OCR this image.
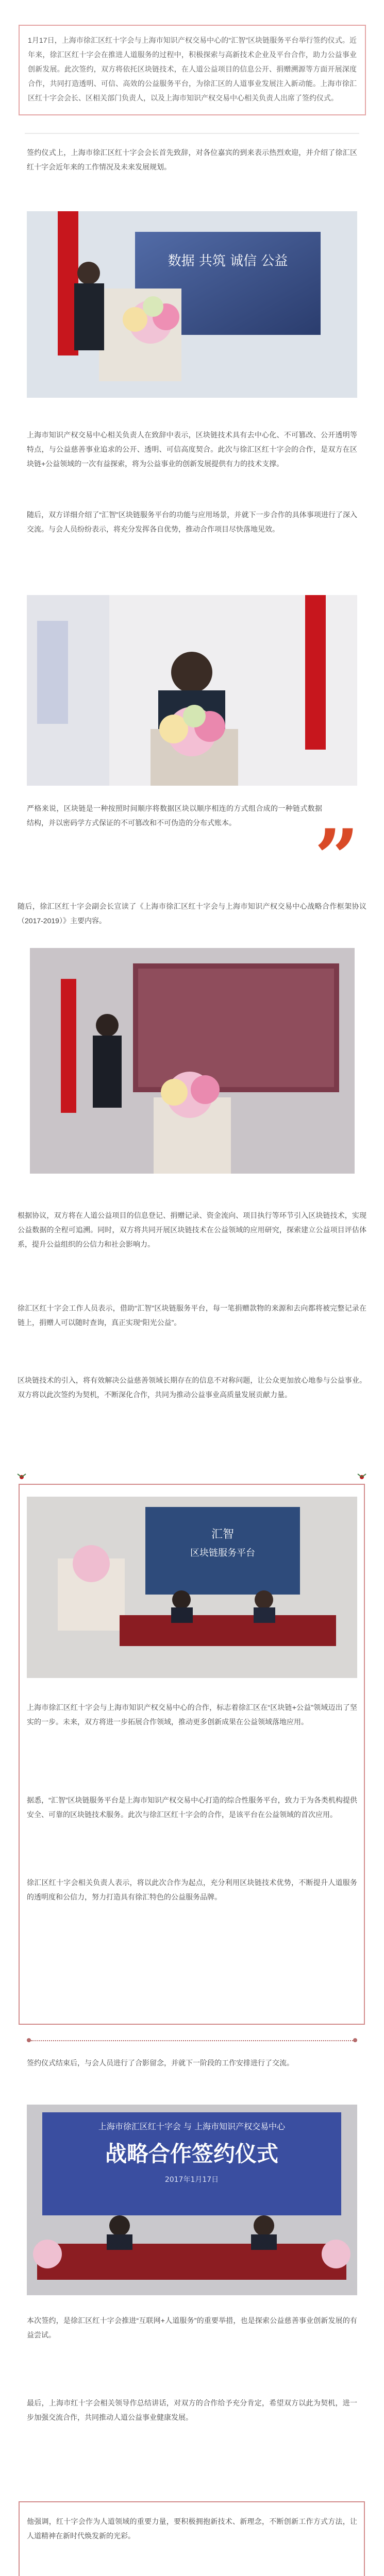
1月17日，上海市徐汇区红十字会与上海市知识产权交易中心的“汇智”区块链服务平台举行签约仪式。近年来，徐汇区红十字会在推进人道服务的过程中，积极探索与高新技术企业及平台合作，助力公益事业创新发展。此次签约，双方将依托区块链技术，在人道公益项目的信息公开、捐赠溯源等方面开展深度合作，共同打造透明、可信、高效的公益服务平台，为徐汇区的人道事业发展注入新动能。上海市徐汇区红十字会会长、区相关部门负责人，以及上海市知识产权交易中心相关负责人出席了签约仪式。

签约仪式上，上海市徐汇区红十字会会长首先致辞，对各位嘉宾的到来表示热烈欢迎，并介绍了徐汇区红十字会近年来的工作情况及未来发展规划。

数据 共筑 诚信 公益

上海市知识产权交易中心相关负责人在致辞中表示，区块链技术具有去中心化、不可篡改、公开透明等特点，与公益慈善事业追求的公开、透明、可信高度契合。此次与徐汇区红十字会的合作，是双方在区块链+公益领域的一次有益探索，将为公益事业的创新发展提供有力的技术支撑。

随后，双方详细介绍了“汇智”区块链服务平台的功能与应用场景，并就下一步合作的具体事项进行了深入交流。与会人员纷纷表示，将充分发挥各自优势，推动合作项目尽快落地见效。

严格来说，区块链是一种按照时间顺序将数据区块以顺序相连的方式组合成的一种链式数据结构，并以密码学方式保证的不可篡改和不可伪造的分布式账本。	”

随后，徐汇区红十字会副会长宣读了《上海市徐汇区红十字会与上海市知识产权交易中心战略合作框架协议（2017-2019）》主要内容。

根据协议，双方将在人道公益项目的信息登记、捐赠记录、资金流向、项目执行等环节引入区块链技术，实现公益数据的全程可追溯。同时，双方将共同开展区块链技术在公益领域的应用研究，探索建立公益项目评估体系，提升公益组织的公信力和社会影响力。

徐汇区红十字会工作人员表示，借助“汇智”区块链服务平台，每一笔捐赠款物的来源和去向都将被完整记录在链上，捐赠人可以随时查询，真正实现“阳光公益”。

区块链技术的引入，将有效解决公益慈善领域长期存在的信息不对称问题，让公众更加放心地参与公益事业。双方将以此次签约为契机，不断深化合作，共同为推动公益事业高质量发展贡献力量。

汇智
区块链服务平台

上海市徐汇区红十字会与上海市知识产权交易中心的合作，标志着徐汇区在“区块链+公益”领域迈出了坚实的一步。未来，双方将进一步拓展合作领域，推动更多创新成果在公益领域落地应用。

据悉，“汇智”区块链服务平台是上海市知识产权交易中心打造的综合性服务平台，致力于为各类机构提供安全、可靠的区块链技术服务。此次与徐汇区红十字会的合作，是该平台在公益领域的首次应用。

徐汇区红十字会相关负责人表示，将以此次合作为起点，充分利用区块链技术优势，不断提升人道服务的透明度和公信力，努力打造具有徐汇特色的公益服务品牌。

签约仪式结束后，与会人员进行了合影留念，并就下一阶段的工作安排进行了交流。

上海市徐汇区红十字会 与 上海市知识产权交易中心
战略合作签约仪式
2017年1月17日

本次签约，是徐汇区红十字会推进“互联网+人道服务”的重要举措，也是探索公益慈善事业创新发展的有益尝试。

最后，上海市红十字会相关领导作总结讲话，对双方的合作给予充分肯定，希望双方以此为契机，进一步加强交流合作，共同推动人道公益事业健康发展。

他强调，红十字会作为人道领域的重要力量，要积极拥抱新技术、新理念，不断创新工作方式方法，让人道精神在新时代焕发新的光彩。
